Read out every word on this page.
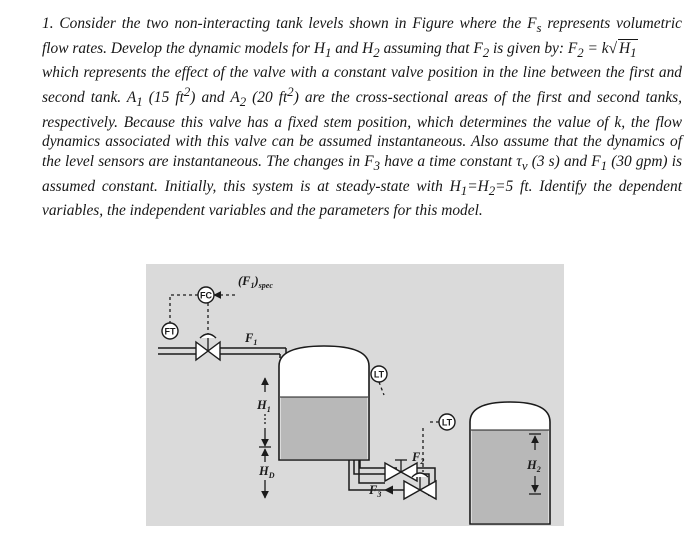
1. Consider the two non-interacting tank levels shown in Figure where the $F_s$ represents volumetric flow rates. Develop the dynamic models for $H_1$ and $H_2$ assuming that $F_2$ is given by: $F_2 = k√$ $H_1$

which represents the effect of the valve with a constant valve position in the line between the first and second tank. $A_1$ (15 $ft^2$) and $A_2$ (20 $ft^2$) are the cross-sectional areas of the first and second tanks, respectively. Because this valve has a fixed stem position, which determines the value of k, the flow dynamics associated with this valve can be assumed instantaneous. Also assume that the dynamics of the level sensors are instantaneous. The changes in $F_3$ have a time constant $\tau_v$ (3 s) and $F_1$ (30 gpm) is assumed constant. Initially, this system is at steady-state with $H_1=H_2=5$ ft. Identify the dependent variables, the independent variables and the parameters for this model.

FC
FT
LT
LT
$(F_1)_{spec}$
$F_1$
$H_1$
$H_D$
$F_2$
$F_3$
$H_2$
